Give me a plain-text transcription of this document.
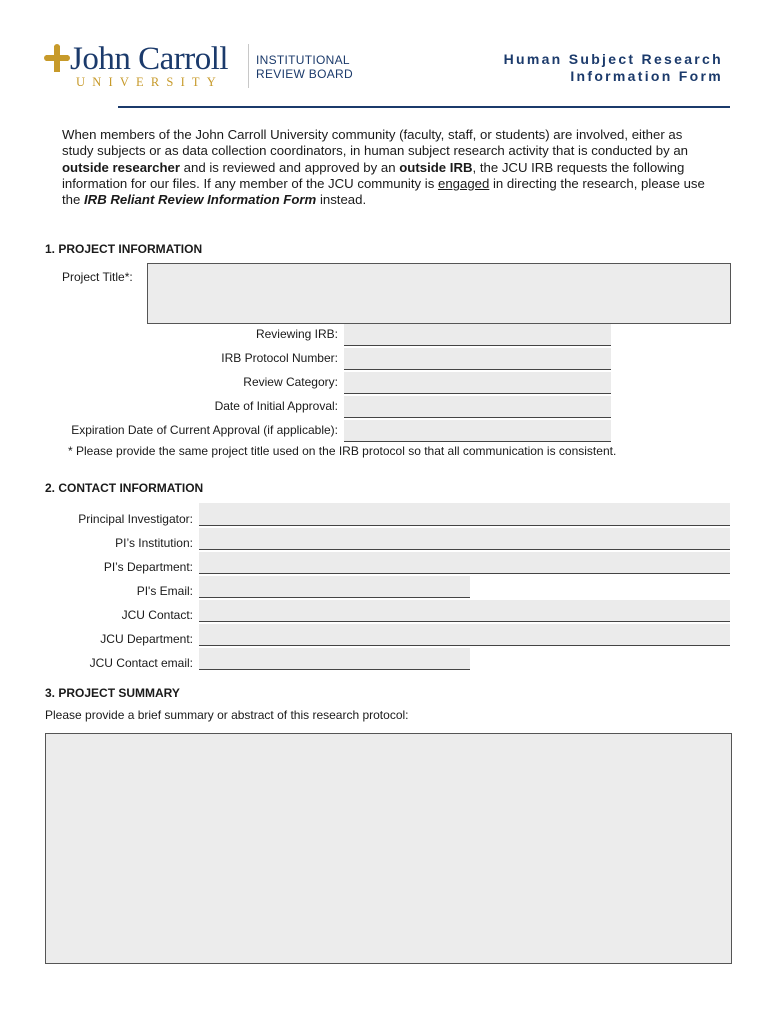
John Carroll
UNIVERSITY
INSTITUTIONAL
REVIEW BOARD
Human Subject Research
Information Form
When members of the John Carroll University community (faculty, staff, or students) are involved, either as study subjects or as data collection coordinators, in human subject research activity that is conducted by an outside researcher and is reviewed and approved by an outside IRB, the JCU IRB requests the following information for our files. If any member of the JCU community is engaged in directing the research, please use the IRB Reliant Review Information Form instead.
1. PROJECT INFORMATION
Project Title*:
Reviewing IRB:
IRB Protocol Number:
Review Category:
Date of Initial Approval:
Expiration Date of Current Approval (if applicable):
* Please provide the same project title used on the IRB protocol so that all communication is consistent.
2. CONTACT INFORMATION
Principal Investigator:
PI’s Institution:
PI’s Department:
PI's Email:
JCU Contact:
JCU Department:
JCU Contact email:
3. PROJECT SUMMARY
Please provide a brief summary or abstract of this research protocol:
